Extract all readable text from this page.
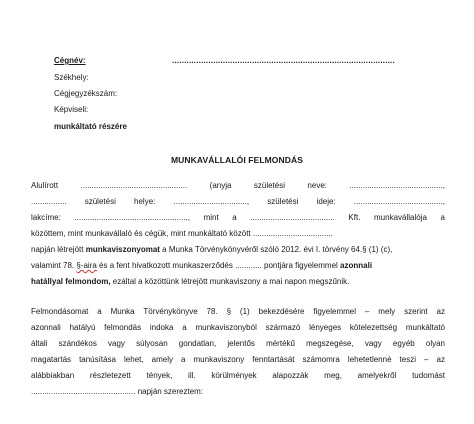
Cégnév:	............................................................................................
Székhely:
Cégjegyzékszám:
Képviseli:
munkáltató részére
MUNKAVÁLLALÓI FELMONDÁS
Alulírott ................................................ (anyja születési neve: ..........................................,
................ születési helye: ................................., születési ideje: ........................................,
lakcíme: ..................................................., mint a ...................................... Kft. munkavállalója a
közöttem, mint munkavállaló és cégük, mint munkáltató között ....................................
napján létrejött munkaviszonyomat a Munka Törvénykönyvéről szóló 2012. évi I. törvény 64.§ (1) (c),
valamint 78. §-aira és a fent hivatkozott munkaszerződés ............ pontjára figyelemmel azonnali
hatállyal felmondom, ezáltal a közöttünk létrejött munkaviszony a mai napon megszűnik.
Felmondásomat a Munka Törvénykönyve 78. § (1) bekezdésére figyelemmel – mely szerint az
azonnali hatályú felmondás indoka a munkaviszonyból származó lényeges kötelezettség munkáltató
általi szándékos vagy súlyosan gondatlan, jelentős mértékű megszegése, vagy egyéb olyan
magatartás tanúsítása lehet, amely a munkaviszony fenntartását számomra lehetetlenné teszi – az
alábbiakban részletezett tények, ill. körülmények alapozzák meg, amelyekről tudomást
............................................... napján szereztem:
